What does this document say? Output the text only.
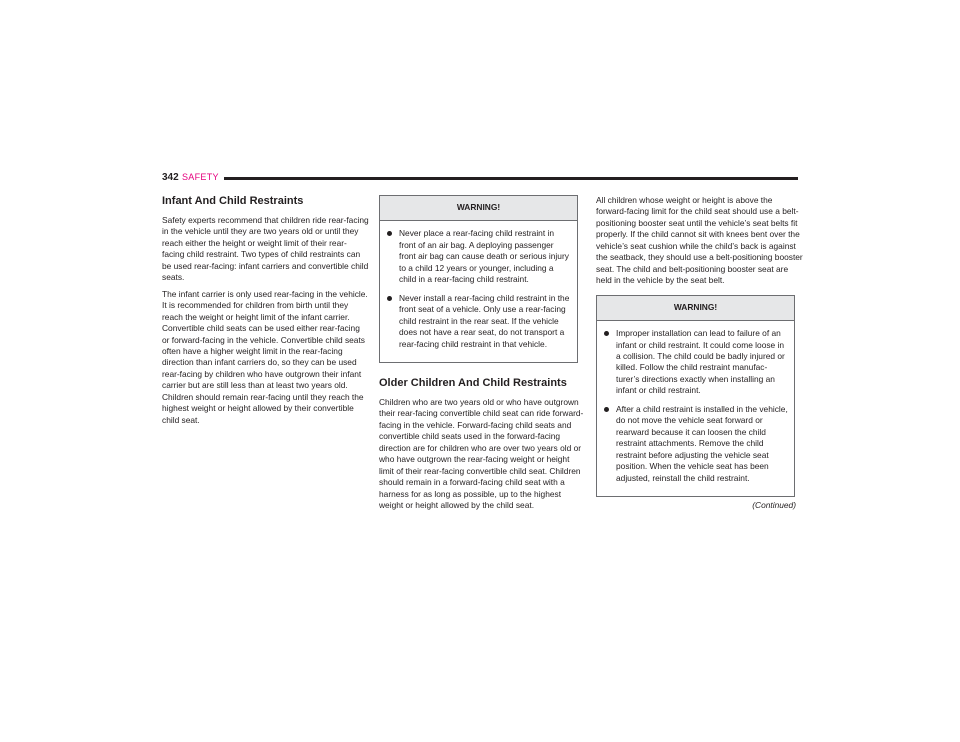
342 SAFETY
Infant And Child Restraints

Safety experts recommend that children ride rear-facing in the vehicle until they are two years old or until they reach either the height or weight limit of their rear-facing child restraint. Two types of child restraints can be used rear-facing: infant carriers and convertible child seats.

The infant carrier is only used rear-facing in the vehicle. It is recommended for children from birth until they reach the weight or height limit of the infant carrier. Convertible child seats can be used either rear-facing or forward-facing in the vehicle. Convertible child seats often have a higher weight limit in the rear-facing direction than infant carriers do, so they can be used rear-facing by children who have outgrown their infant carrier but are still less than at least two years old. Children should remain rear-facing until they reach the highest weight or height allowed by their convertible child seat.

WARNING!
Never place a rear-facing child restraint in front of an air bag. A deploying passenger front air bag can cause death or serious injury to a child 12 years or younger, including a child in a rear-facing child restraint.
Never install a rear-facing child restraint in the front seat of a vehicle. Only use a rear-facing child restraint in the rear seat. If the vehicle does not have a rear seat, do not transport a rear-facing child restraint in that vehicle.
Older Children And Child Restraints

Children who are two years old or who have outgrown their rear-facing convertible child seat can ride forward-facing in the vehicle. Forward-facing child seats and convertible child seats used in the forward-facing direction are for children who are over two years old or who have outgrown the rear-facing weight or height limit of their rear-facing convertible child seat. Children should remain in a forward-facing child seat with a harness for as long as possible, up to the highest weight or height allowed by the child seat.

All children whose weight or height is above the forward-facing limit for the child seat should use a belt-positioning booster seat until the vehicle’s seat belts fit properly. If the child cannot sit with knees bent over the vehicle’s seat cushion while the child’s back is against the seatback, they should use a belt-positioning booster seat. The child and belt-positioning booster seat are held in the vehicle by the seat belt.

WARNING!
Improper installation can lead to failure of an infant or child restraint. It could come loose in a collision. The child could be badly injured or killed. Follow the child restraint manufac-turer’s directions exactly when installing an infant or child restraint.
After a child restraint is installed in the vehicle, do not move the vehicle seat forward or rearward because it can loosen the child restraint attachments. Remove the child restraint before adjusting the vehicle seat position. When the vehicle seat has been adjusted, reinstall the child restraint.
(Continued)
